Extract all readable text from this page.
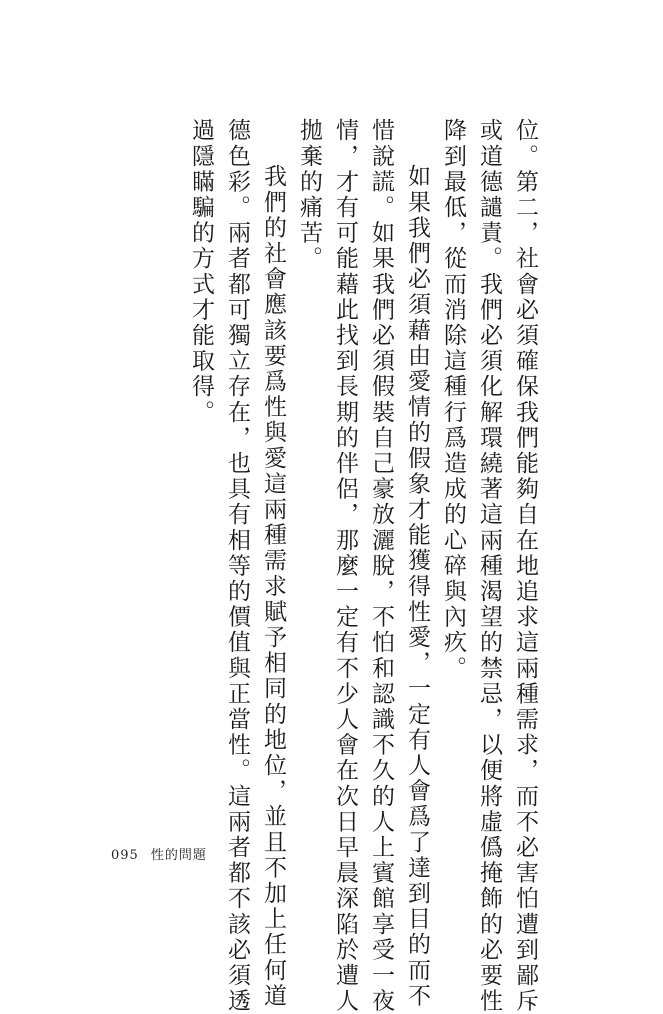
位。第二，社會必須確保我們能夠自在地追求這兩種需求，而不必害怕遭到鄙斥

或道德譴責。我們必須化解環繞著這兩種渴望的禁忌，以便將虛僞掩飾的必要性

降到最低，從而消除這種行爲造成的心碎與內疚。

如果我們必須藉由愛情的假象才能獲得性愛，一定有人會爲了達到目的而不

惜說謊。如果我們必須假裝自己豪放灑脫，不怕和認識不久的人上賓館享受一夜

情，才有可能藉此找到長期的伴侶，那麼一定有不少人會在次日早晨深陷於遭人

拋棄的痛苦。

我們的社會應該要爲性與愛這兩種需求賦予相同的地位，並且不加上任何道

德色彩。兩者都可獨立存在，也具有相等的價值與正當性。這兩者都不該必須透

過隱瞞騙的方式才能取得。

095 性的問題
